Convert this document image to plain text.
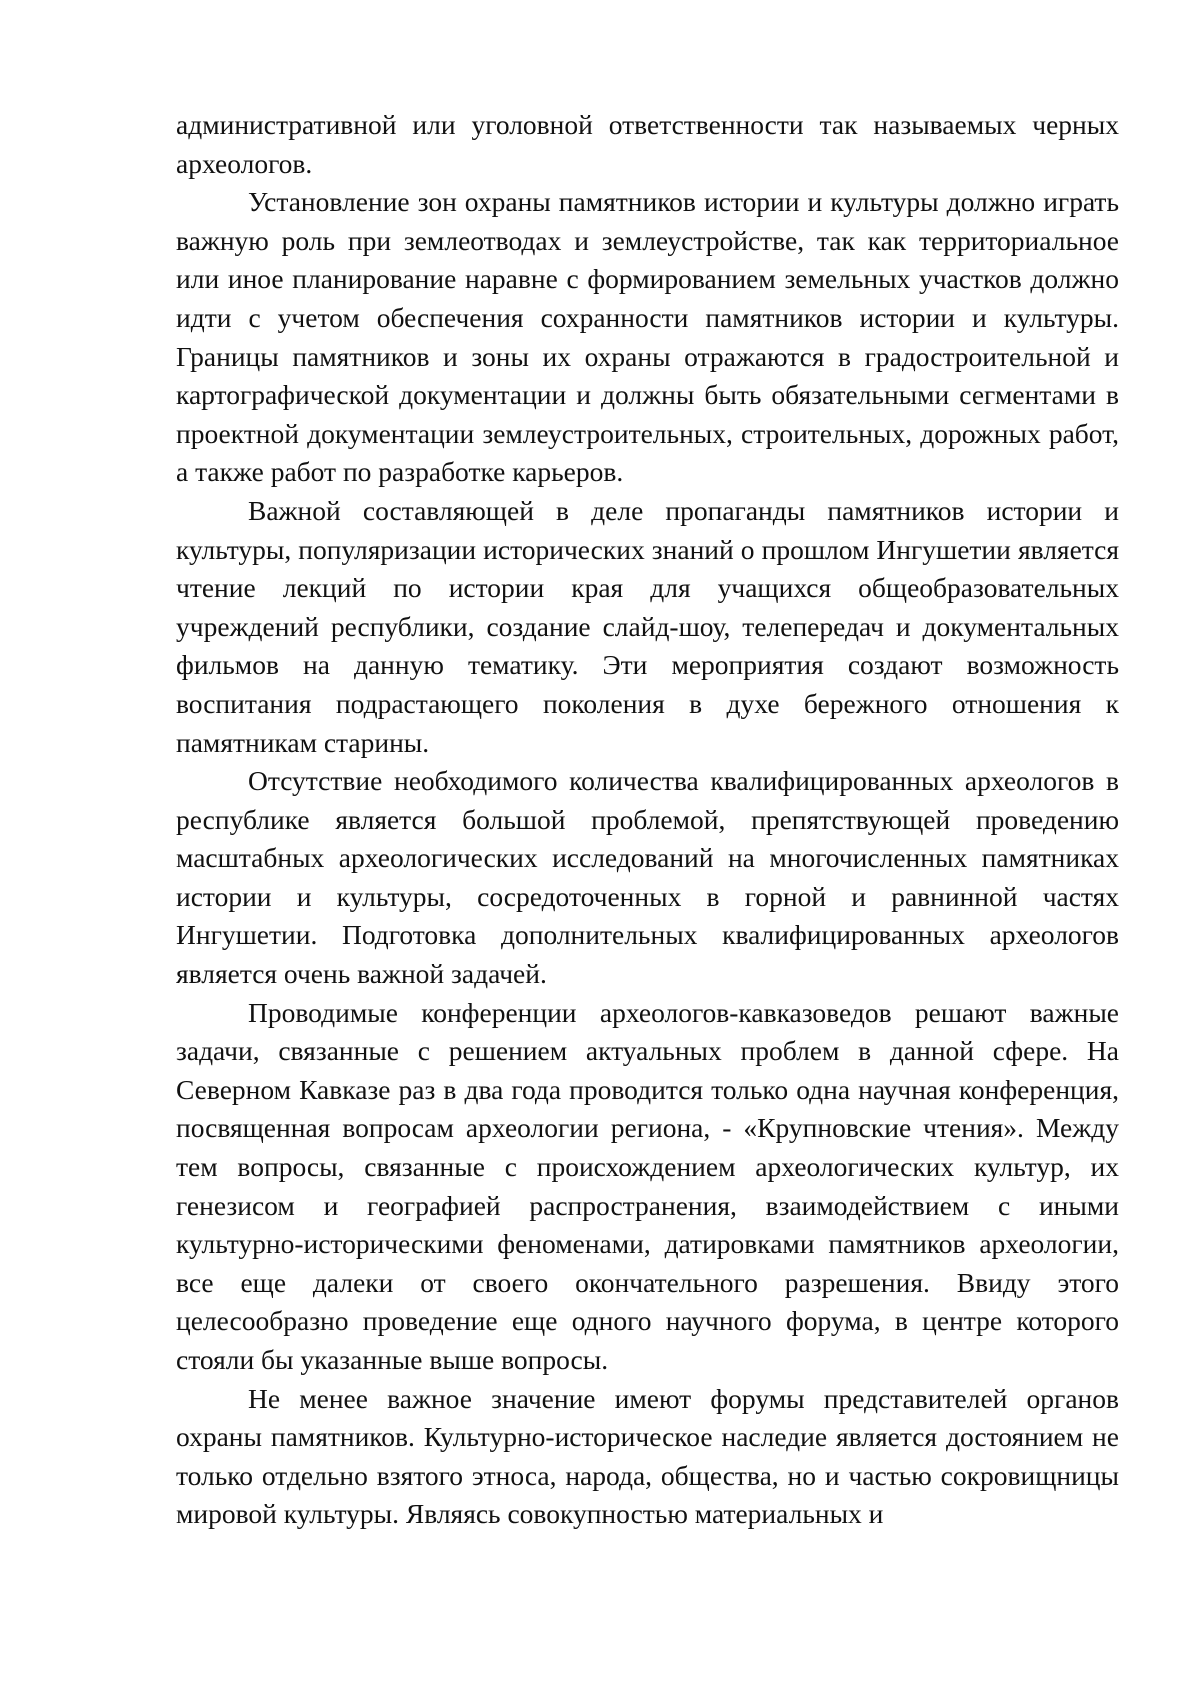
административной или уголовной ответственности так называемых черных археологов.

Установление зон охраны памятников истории и культуры должно играть важную роль при землеотводах и землеустройстве, так как территориальное или иное планирование наравне с формированием земельных участков должно идти с учетом обеспечения сохранности памятников истории и культуры. Границы памятников и зоны их охраны отражаются в градостроительной и картографической документации и должны быть обязательными сегментами в проектной документации землеустроительных, строительных, дорожных работ, а также работ по разработке карьеров.

Важной составляющей в деле пропаганды памятников истории и культуры, популяризации исторических знаний о прошлом Ингушетии является чтение лекций по истории края для учащихся общеобразовательных учреждений республики, создание слайд-шоу, телепередач и документальных фильмов на данную тематику. Эти мероприятия создают возможность воспитания подрастающего поколения в духе бережного отношения к памятникам старины.

Отсутствие необходимого количества квалифицированных археологов в республике является большой проблемой, препятствующей проведению масштабных археологических исследований на многочисленных памятниках истории и культуры, сосредоточенных в горной и равнинной частях Ингушетии. Подготовка дополнительных квалифицированных археологов является очень важной задачей.

Проводимые конференции археологов-кавказоведов решают важные задачи, связанные с решением актуальных проблем в данной сфере. На Северном Кавказе раз в два года проводится только одна научная конференция, посвященная вопросам археологии региона, - «Крупновские чтения». Между тем вопросы, связанные с происхождением археологических культур, их генезисом и географией распространения, взаимодействием с иными культурно-историческими феноменами, датировками памятников археологии, все еще далеки от своего окончательного разрешения. Ввиду этого целесообразно проведение еще одного научного форума, в центре которого стояли бы указанные выше вопросы.

Не менее важное значение имеют форумы представителей органов охраны памятников. Культурно-историческое наследие является достоянием не только отдельно взятого этноса, народа, общества, но и частью сокровищницы мировой культуры. Являясь совокупностью материальных и
